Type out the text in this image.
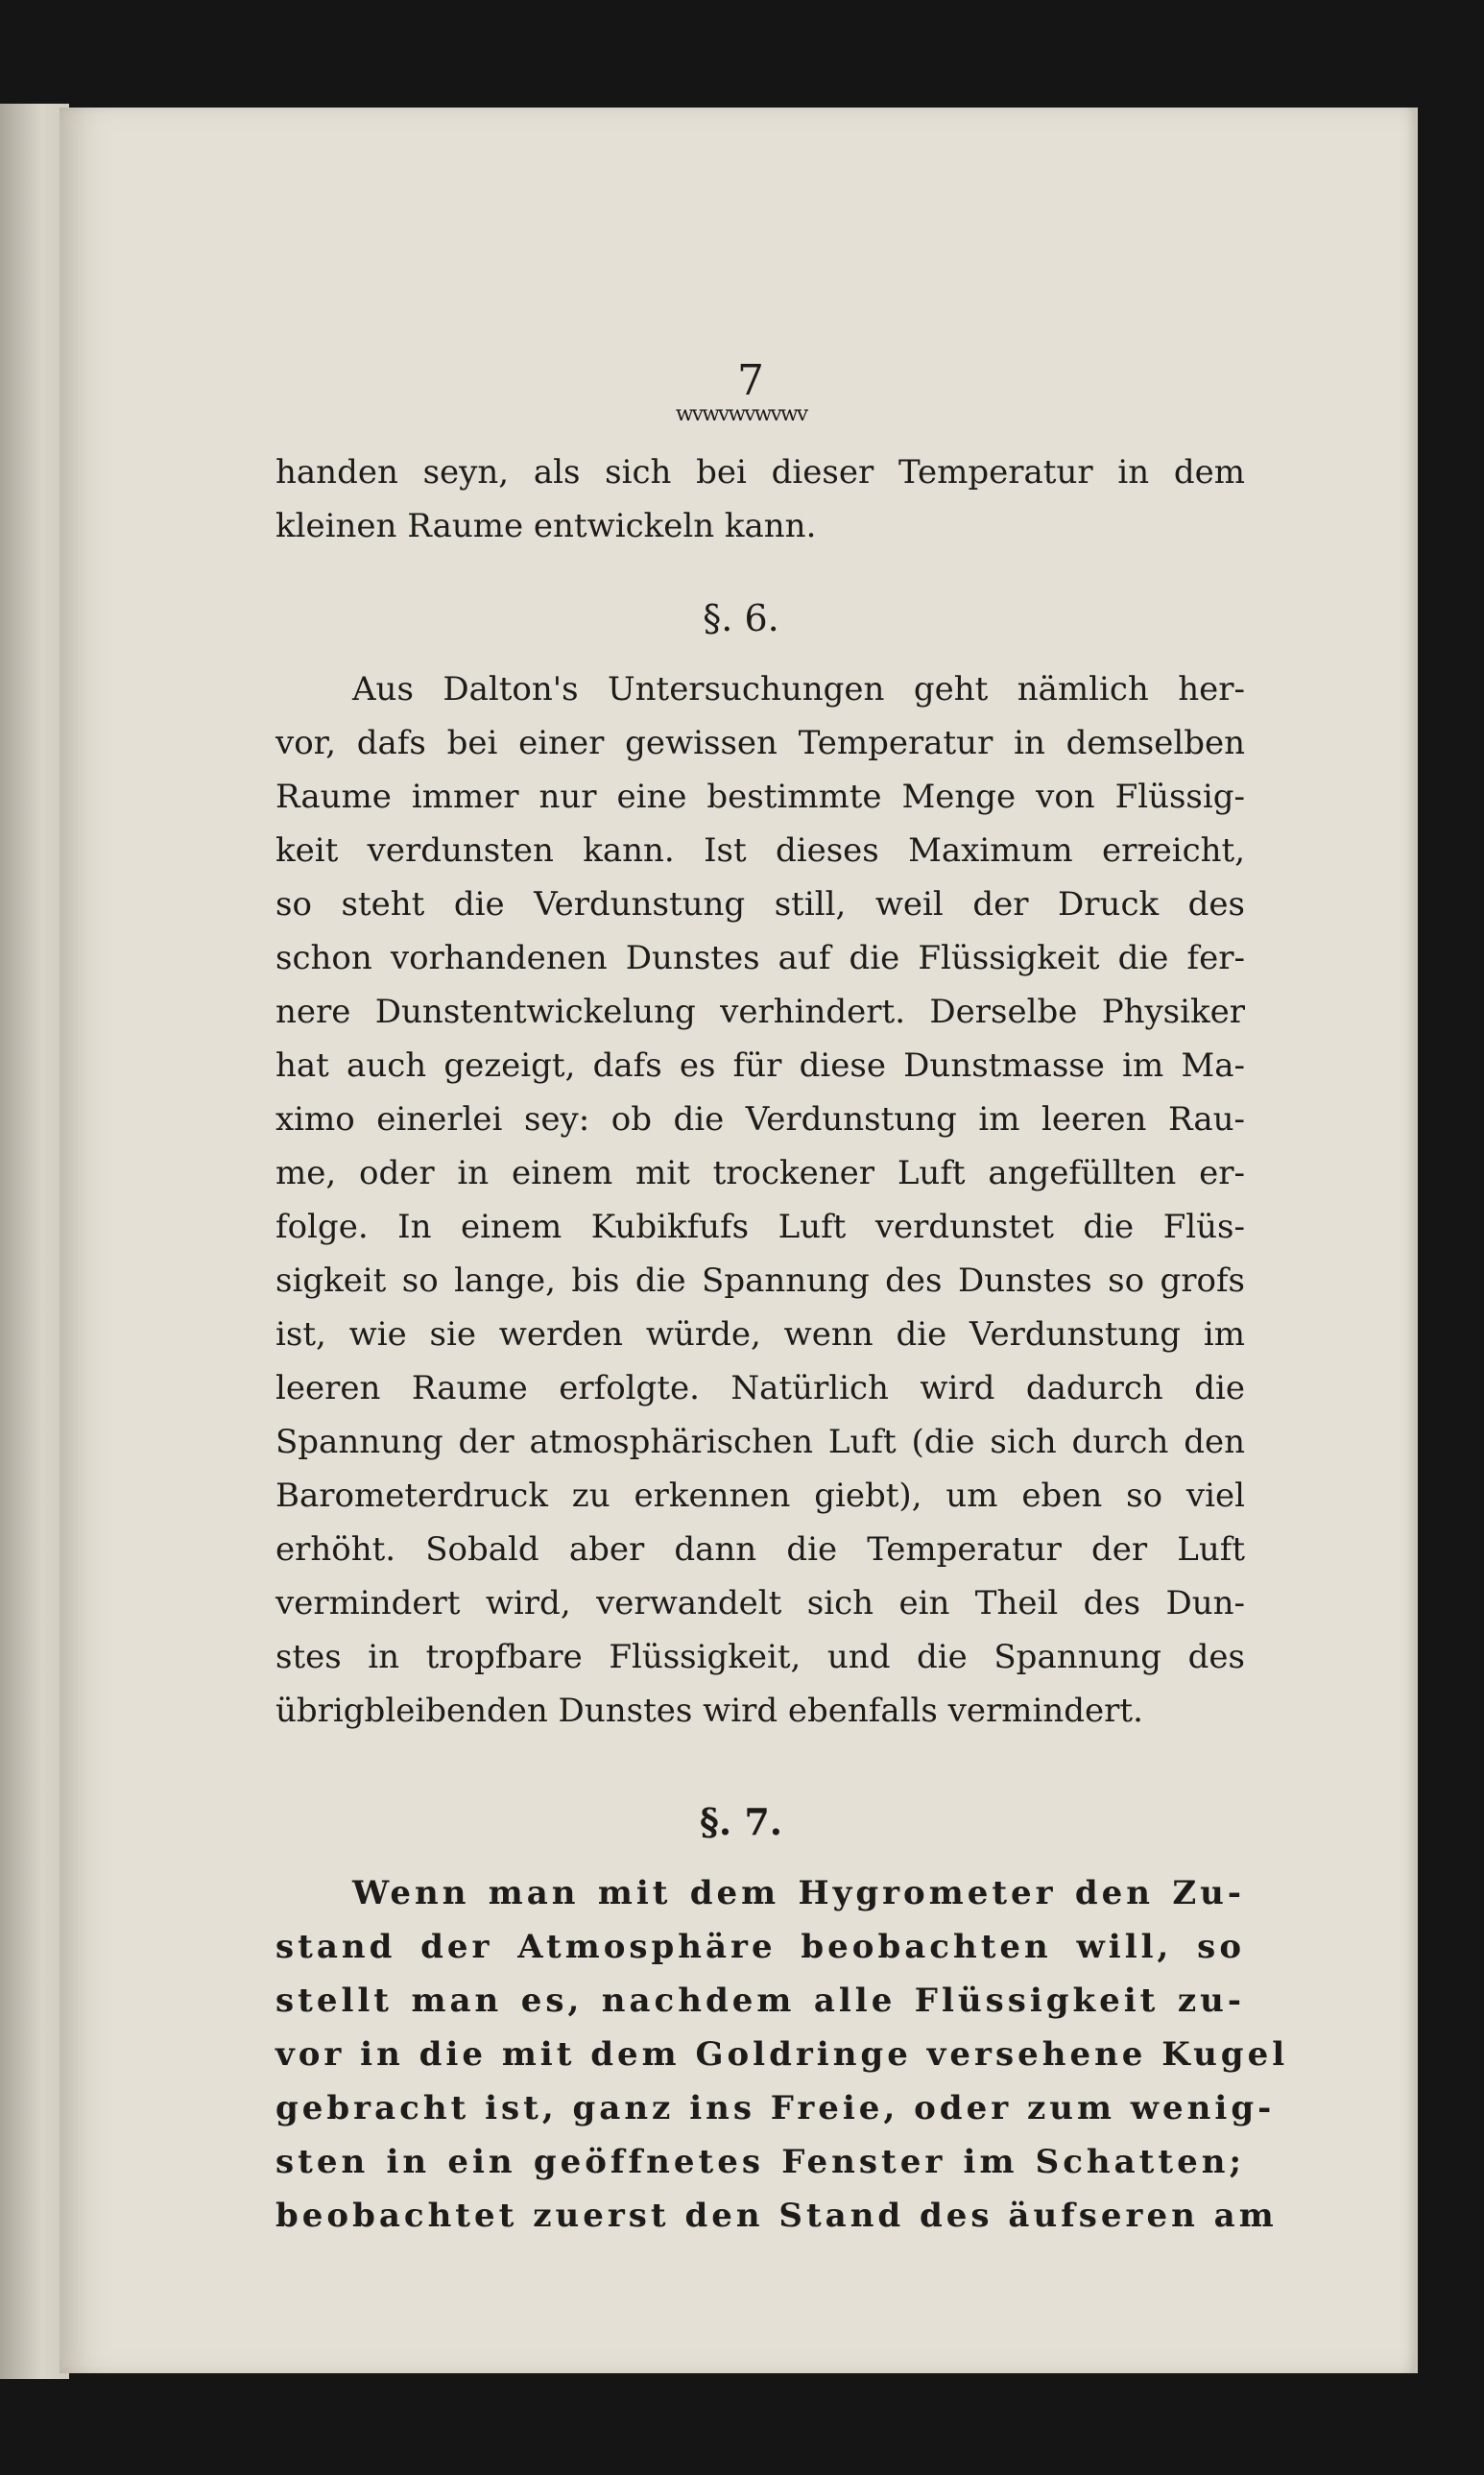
7
wvwvwvwvwv
handen seyn, als sich bei dieser Temperatur in dem
kleinen Raume entwickeln kann.
§. 6.
Aus Dalton's Untersuchungen geht nämlich her-
vor, dafs bei einer gewissen Temperatur in demselben
Raume immer nur eine bestimmte Menge von Flüssig-
keit verdunsten kann. Ist dieses Maximum erreicht,
so steht die Verdunstung still, weil der Druck des
schon vorhandenen Dunstes auf die Flüssigkeit die fer-
nere Dunstentwickelung verhindert. Derselbe Physiker
hat auch gezeigt, dafs es für diese Dunstmasse im Ma-
ximo einerlei sey: ob die Verdunstung im leeren Rau-
me, oder in einem mit trockener Luft angefüllten er-
folge. In einem Kubikfufs Luft verdunstet die Flüs-
sigkeit so lange, bis die Spannung des Dunstes so grofs
ist, wie sie werden würde, wenn die Verdunstung im
leeren Raume erfolgte. Natürlich wird dadurch die
Spannung der atmosphärischen Luft (die sich durch den
Barometerdruck zu erkennen giebt), um eben so viel
erhöht. Sobald aber dann die Temperatur der Luft
vermindert wird, verwandelt sich ein Theil des Dun-
stes in tropfbare Flüssigkeit, und die Spannung des
übrigbleibenden Dunstes wird ebenfalls vermindert.
§. 7.
Wenn man mit dem Hygrometer den Zu-
stand der Atmosphäre beobachten will, so
stellt man es, nachdem alle Flüssigkeit zu-
vor in die mit dem Goldringe versehene Kugel
gebracht ist, ganz ins Freie, oder zum wenig-
sten in ein geöffnetes Fenster im Schatten;
beobachtet zuerst den Stand des äufseren am
